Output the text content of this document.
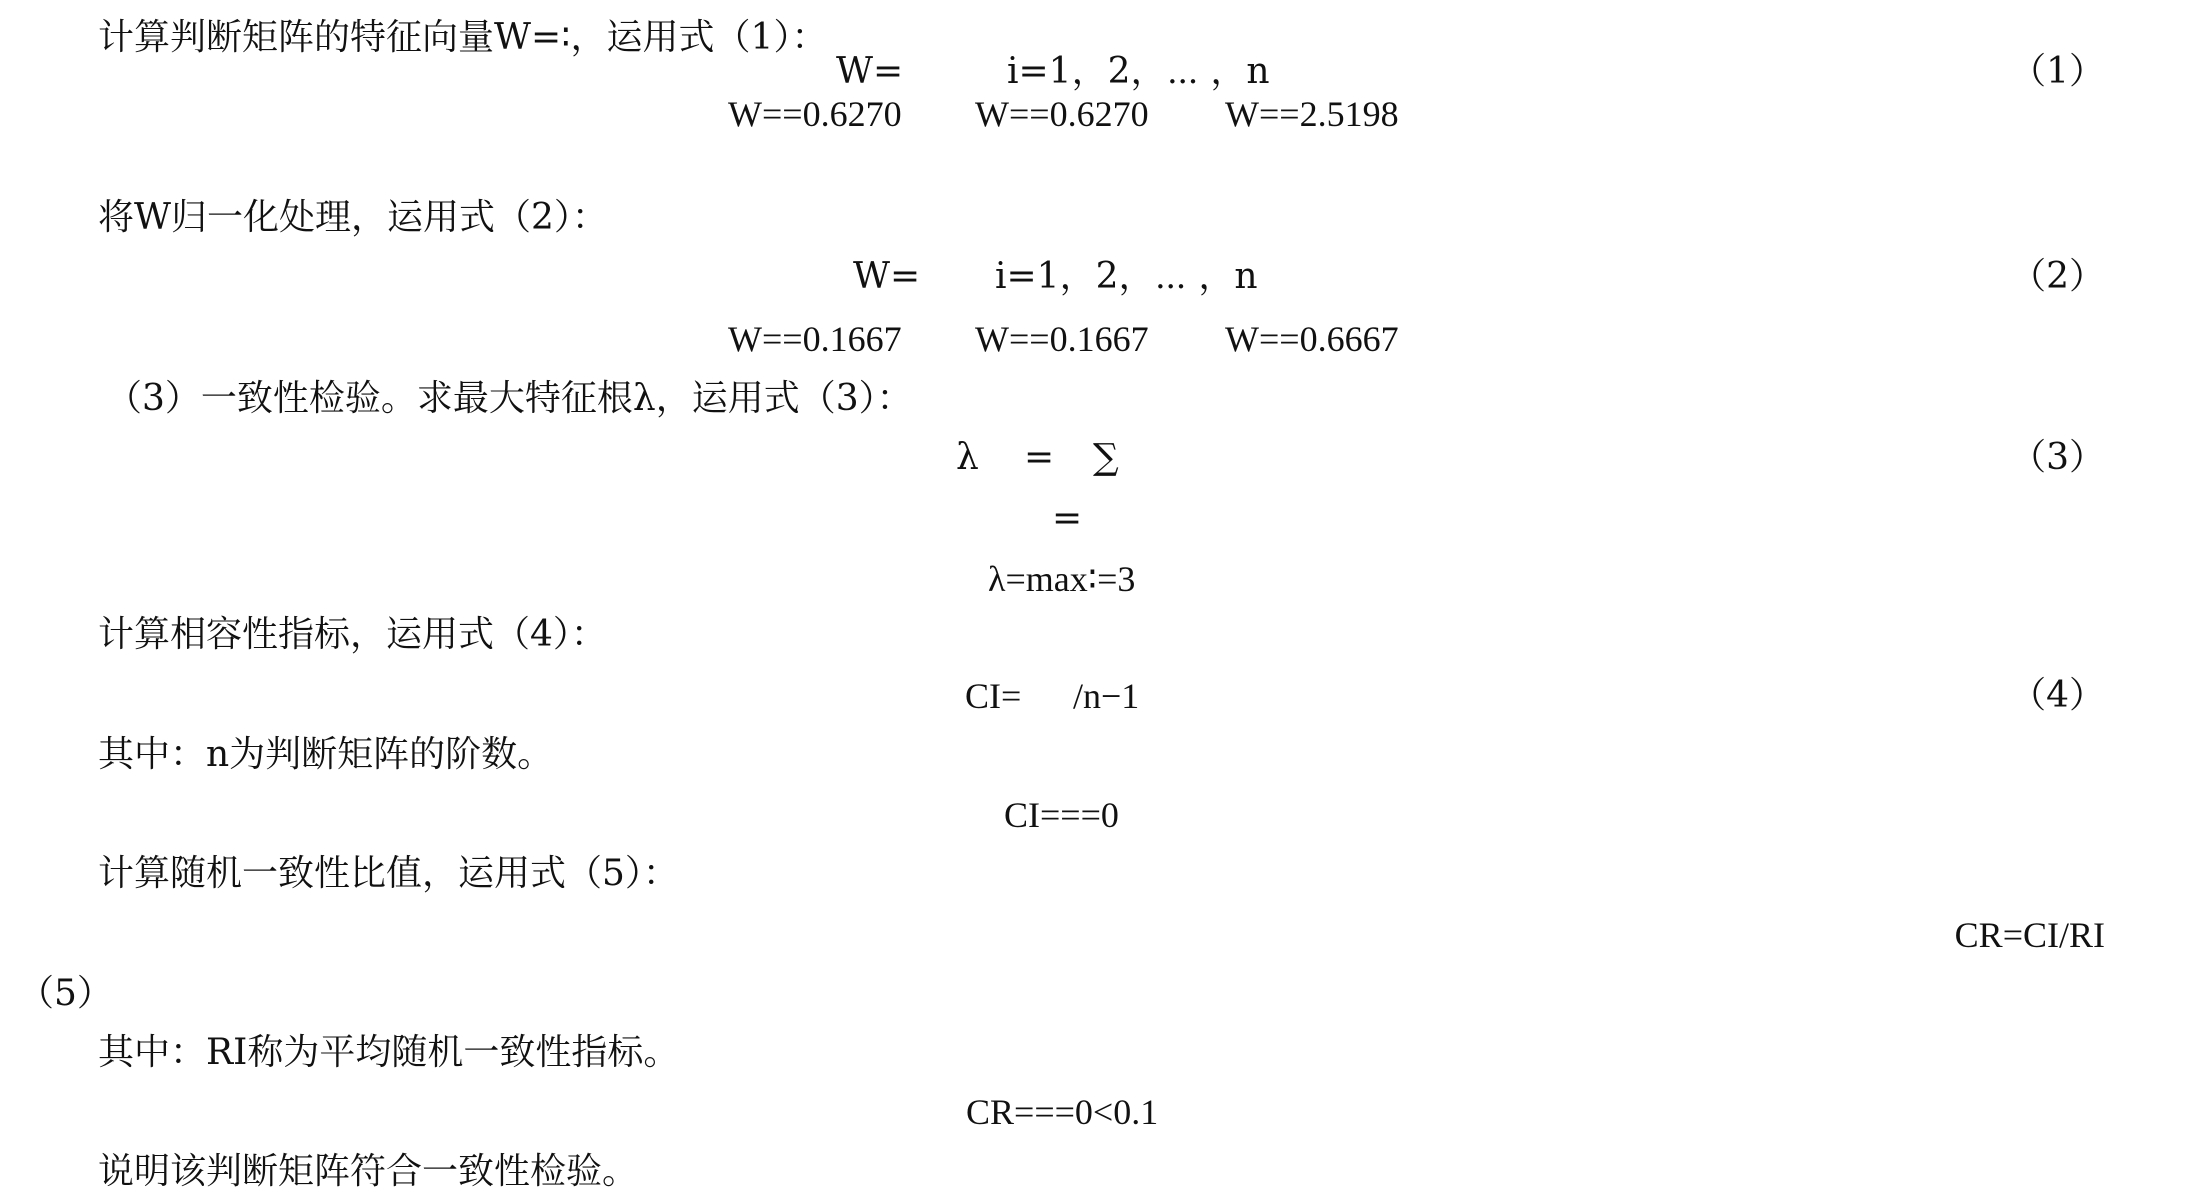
计算判断矩阵的特征向量W=∶，运用式（1）：
W=	i=1，2，⋯ ，n	（1）
W==0.6270 W==0.6270 W==2.5198
将W归一化处理，运用式（2）：
W= i=1，2，⋯ ，n	（2）
W==0.1667 W==0.1667 W==0.6667
（3）一致性检验。求最大特征根λ，运用式（3）：
λ = ∑	（3）
=
λ=max∶=3
计算相容性指标，运用式（4）：
CI= /n−1	（4）
其中：n为判断矩阵的阶数。
CI===0
计算随机一致性比值，运用式（5）：
CR=CI/RI
（5）
其中：RI称为平均随机一致性指标。
CR===0<0.1
说明该判断矩阵符合一致性检验。
